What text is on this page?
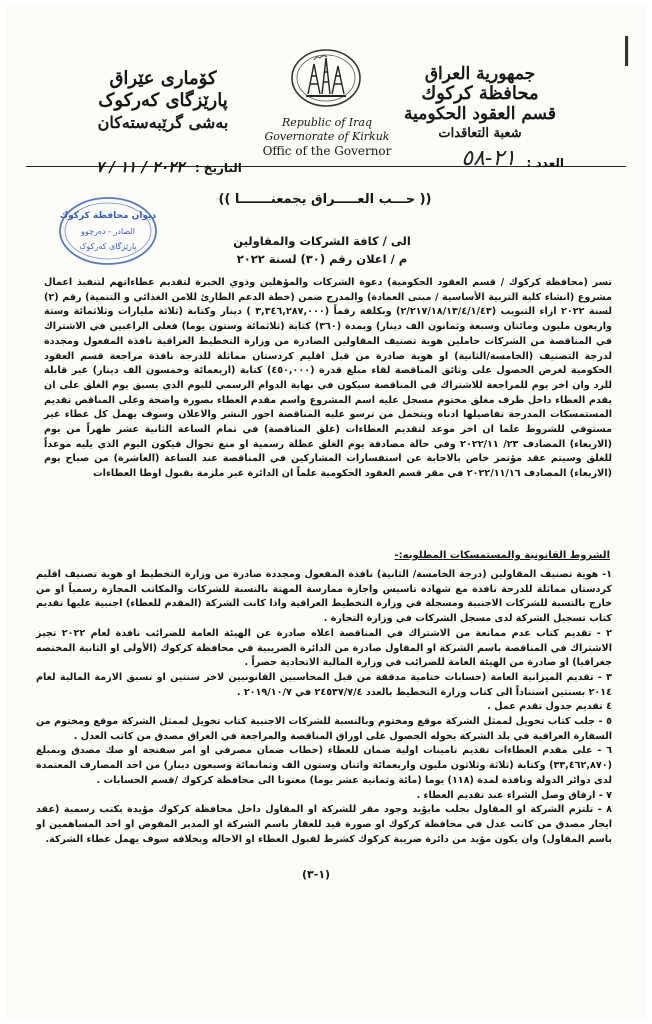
|
جمهورية العراق
محافظة كركوك
قسم العقود الحكومية
شعبة التعاقدات
كۆماری عێراق
پارێزگای کەرکوک
بەشی گرێبەستەکان	Republic of Iraq
Governorate of Kirkuk
Offic of the Governor
العدد :
٢١-٥٨
التاريخ : ٢٠٢٢ / ١١ / ٧
ديوان محافظة كركوك
الصادر - دەرچوو
پارێزگای کەرکوک
(( حـــب العـــــراق يجمعنـــــــا ))
الى / كافة الشركات والمقاولين
م / اعلان رقم (٣٠) لسنة ٢٠٢٢
تسر (محافظة كركوك / قسم العقود الحكومية) دعوة الشركات والمؤهلين وذوي الخبرة لتقديم عطاءاتهم لتنفيذ اعمال مشروع (انشاء كلية التربية الأساسية / مبنى العمادة) والمدرج ضمن (خطة الدعم الطارئ للامن الغذائي و التنمية) رقم (٢) لسنة ٢٠٢٢ ازاء التبويب (٢/٢١٧/١٨/١٣/٤/١/٤٣) وبكلفة رقماً (٣,٣٤٦,٢٨٧,٠٠٠ ) دينار وكتابة (ثلاثة مليارات وثلاثمائة وستة واربعون مليون ومائتان وسبعة وثمانون الف دينار) وبمدة (٣٦٠) كتابة (ثلاثمائة وستون يوما) فعلى الراغبين في الاشتراك في المناقصة من الشركات حاملين هوية تصنيف المقاولين الصادرة من وزارة التخطيط العراقية نافذة المفعول ومجددة لدرجة التصنيف (الخامسة/الثانية) او هوية صادرة من قبل اقليم كردستان مماثلة للدرجة نافذة مراجعة قسم العقود الحكومية لغرض الحصول على وثائق المناقصة لقاء مبلغ قدرة (٤٥٠,٠٠٠) كتابة (اربعمائة وخمسون الف دينار) غير قابلة للرد وان اخر يوم للمراجعة للاشتراك في المناقصة سيكون في نهاية الدوام الرسمي لليوم الذي يسبق يوم الغلق على ان يقدم العطاء داخل ظرف مغلق مختوم مسجل عليه اسم المشروع واسم مقدم العطاء بصورة واضحة وعلى المناقص تقديم المستمسكات المدرجة تفاصيلها ادناه ويتحمل من ترسو عليه المناقصة اجور النشر والاعلان وسوف يهمل كل عطاء غير مستوفي للشروط علما ان اخر موعد لتقديم العطاءات (غلق المناقصة) في تمام الساعة الثانية عشر ظهراً من يوم (الاربعاء) المصادف ٢٣/ ٢٠٢٢/١١ وفي حالة مصادفة يوم الغلق عطلة رسمية او منع تجوال فيكون اليوم الذي يليه موعداً للغلق وسيتم عقد مؤتمر خاص بالاجابة عن استفسارات المشاركين في المناقصة عند الساعة (العاشرة) من صباح يوم (الاربعاء) المصادف ٢٠٢٢/١١/١٦ في مقر قسم العقود الحكومية علماً ان الدائرة غير ملزمة بقبول اوطا العطاءات
الشروط القانونية والمستمسكات المطلوبه:-

١- هوية تصنيف المقاولين (درجة الخامسة/ الثانية) نافذة المفعول ومجددة صادرة من وزارة التخطيط او هوية تصنيف اقليم كردستان مماثلة للدرجة نافذة مع شهادة تاسيس واجازة ممارسة المهنة بالنسبة للشركات والمكاتب المجازة رسمياً او من خارج بالنسبة للشركات الاجنبية ومسجلة في وزارة التخطيط العراقية واذا كانت الشركة (المقدم للعطاء) اجنبية عليها تقديم كتاب تسجيل الشركة لدى مسجل الشركات في وزارة التجارة .

٢ - تقديم كتاب عدم ممانعة من الاشتراك في المناقصة اعلاه صادرة عن الهيئة العامة للضرائب نافذة لعام ٢٠٢٢ تجيز الاشتراك في المناقصة باسم الشركة او المقاول صادرة من الدائرة الضريبية في محافظة كركوك (الأولى او الثانية المختصه جغرافيا) او صادرة من الهيئة العامة للضرائب في وزارة المالية الاتحادية حصراً .

٣ - تقديم الميزانية العامة (حسابات ختامية مدققة من قبل المحاسبين القانونيين لاخر سنتين او تسبق الازمة المالية لعام ٢٠١٤ بسنتين استناداً الى كتاب وزارة التخطيط بالعدد ٢٤٥٣٧/٧/٤ في ٢٠١٩/١٠/٧ .

٤ تقديم جدول تقدم عمل .

٥ - جلب كتاب تخويل لممثل الشركة موقع ومختوم وبالنسبة للشركات الاجنبية كتاب تخويل لممثل الشركة موقع ومختوم من السفارة العراقية في بلد الشركة يخوله الحصول على اوراق المناقصة والمراجعة في العراق مصدق من كاتب العدل .

٦ - على مقدم العطاءات تقديم تامينات اولية ضمان للعطاء (خطاب ضمان مصرفي او امر سفتجة او صك مصدق وبمبلغ (٣٣,٤٦٢,٨٧٠) وكتابة (ثلاثة وثلاثون مليون واربعمائة واثنان وستون الف وثمانمائة وسبعون دينار) من احد المصارف المعتمدة لدى دوائر الدولة ونافذة لمدة (١١٨) يوما (مائة وثمانية عشر يوما) معنونا الى محافظة كركوك /قسم الحسابات .

٧ - ارفاق وصل الشراء عند تقديم العطاء .

٨ - تلتزم الشركة او المقاول بجلب مايؤيد وجود مقر للشركة او المقاول داخل محافظة كركوك مؤيدة بكتب رسمية (عقد ايجار مصدق من كاتب عدل في محافظة كركوك او صورة قيد للعقار باسم الشركة او المدير المفوض او احد المساهمين او باسم المقاول) وان يكون مؤيد من دائرة ضريبة كركوك كشرط لقبول العطاء او الاحاله وبخلافه سوف يهمل عطاء الشركة.

(١-٣)
